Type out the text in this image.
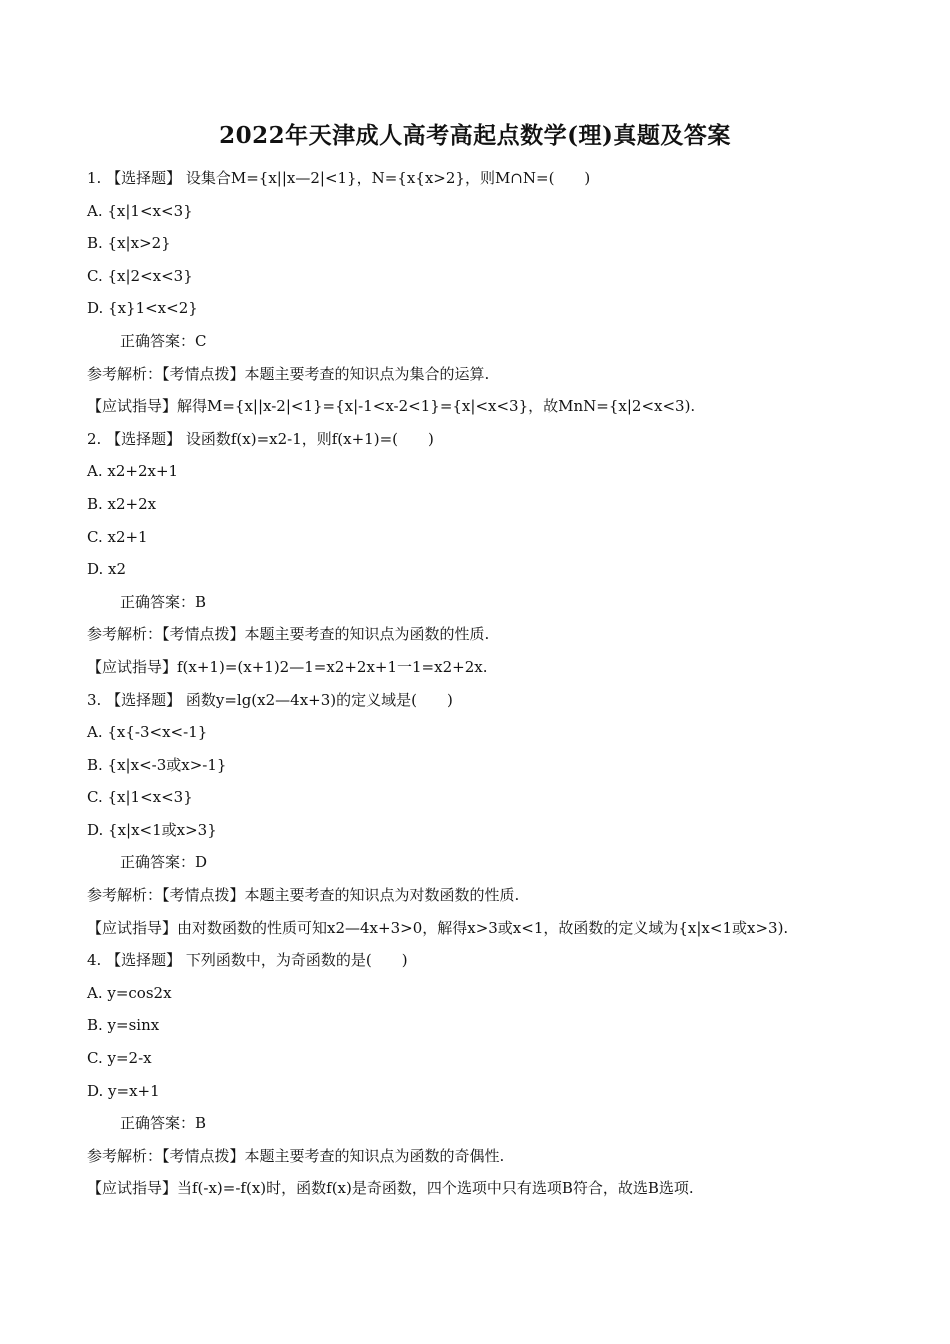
2022年天津成人高考高起点数学(理)真题及答案
1. 【选择题】 设集合M={x||x—2|<1}，N={x{x>2}，则M∩N=(　　)
A. {x|1<x<3}
B. {x|x>2}
C. {x|2<x<3}
D. {x}1<x<2}
正确答案：C
参考解析：【考情点拨】本题主要考查的知识点为集合的运算.
【应试指导】解得M={x||x-2|<1}={x|-1<x-2<1}={x|<x<3}，故MnN={x|2<x<3).
2. 【选择题】 设函数f(x)=x2-1，则f(x+1)=(　　)
A. x2+2x+1
B. x2+2x
C. x2+1
D. x2
正确答案：B
参考解析：【考情点拨】本题主要考查的知识点为函数的性质.
【应试指导】f(x+1)=(x+1)2—1=x2+2x+1一1=x2+2x.
3. 【选择题】 函数y=lg(x2—4x+3)的定义域是(　　)
A. {x{-3<x<-1}
B. {x|x<-3或x>-1}
C. {x|1<x<3}
D. {x|x<1或x>3}
正确答案：D
参考解析：【考情点拨】本题主要考查的知识点为对数函数的性质.
【应试指导】由对数函数的性质可知x2—4x+3>0，解得x>3或x<1，故函数的定义域为{x|x<1或x>3).
4. 【选择题】 下列函数中，为奇函数的是(　　)
A. y=cos2x
B. y=sinx
C. y=2-x
D. y=x+1
正确答案：B
参考解析：【考情点拨】本题主要考查的知识点为函数的奇偶性.
【应试指导】当f(-x)=-f(x)时，函数f(x)是奇函数，四个选项中只有选项B符合，故选B选项.
